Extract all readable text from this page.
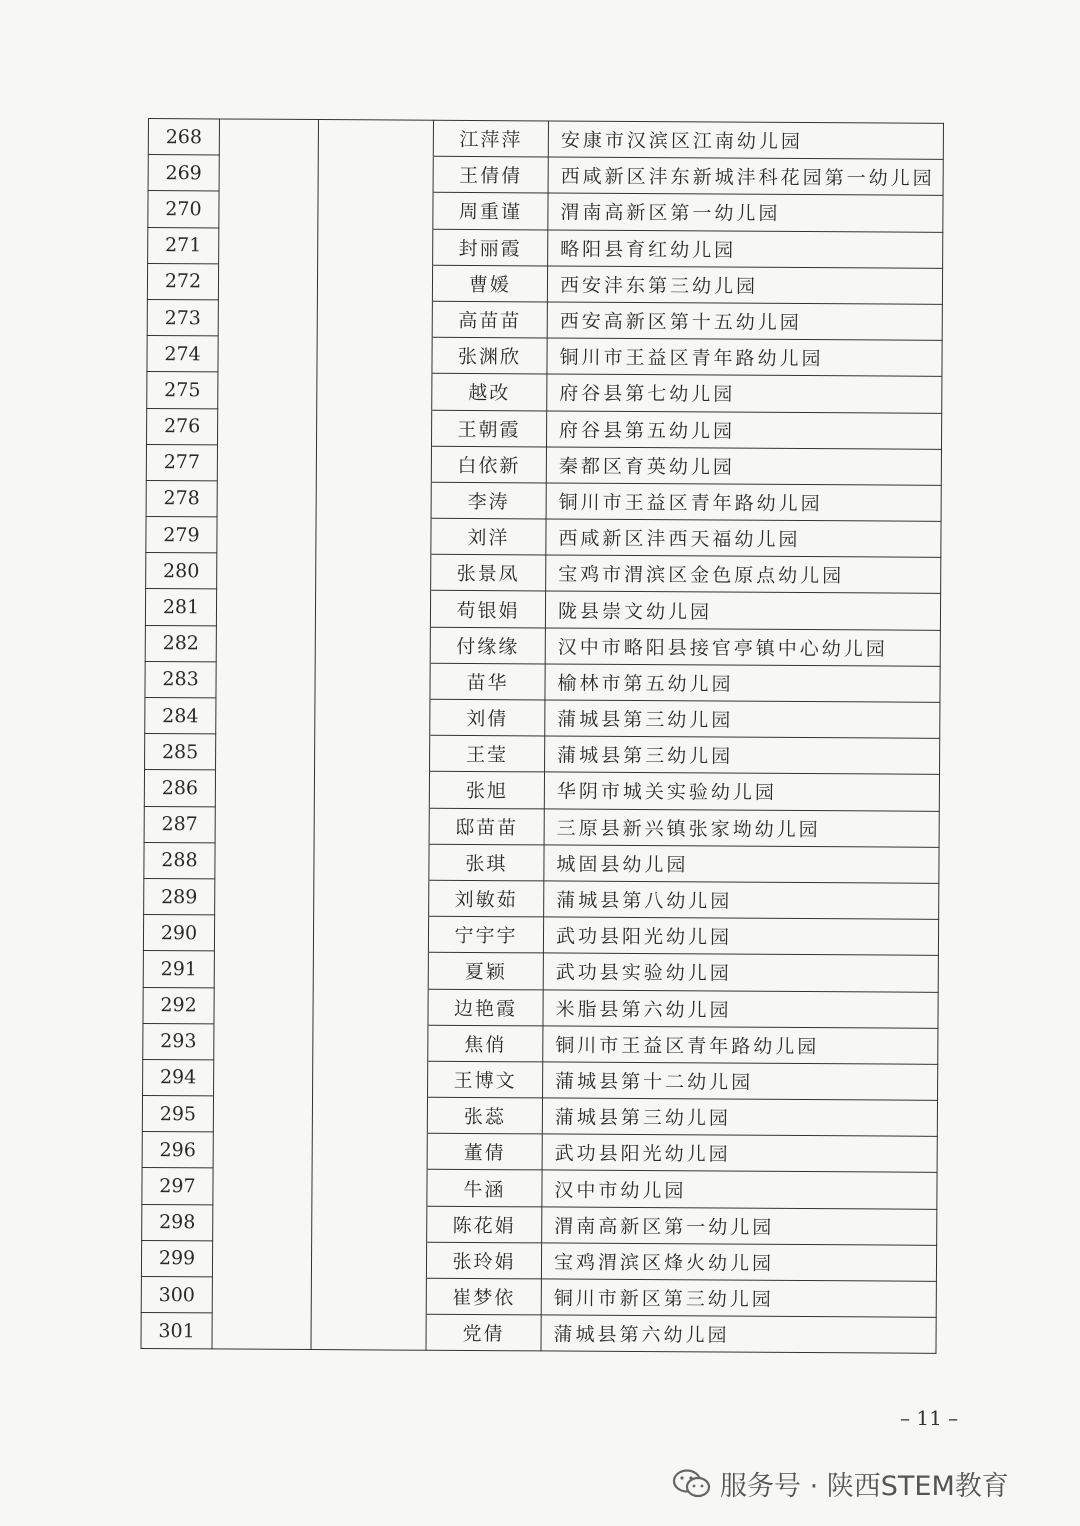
268			江萍萍	安康市汉滨区江南幼儿园
269			王倩倩	西咸新区沣东新城沣科花园第一幼儿园
270			周重谨	渭南高新区第一幼儿园
271			封丽霞	略阳县育红幼儿园
272			曹媛	西安沣东第三幼儿园
273			高苗苗	西安高新区第十五幼儿园
274			张渊欣	铜川市王益区青年路幼儿园
275			越改	府谷县第七幼儿园
276			王朝霞	府谷县第五幼儿园
277			白依新	秦都区育英幼儿园
278			李涛	铜川市王益区青年路幼儿园
279			刘洋	西咸新区沣西天福幼儿园
280			张景凤	宝鸡市渭滨区金色原点幼儿园
281			苟银娟	陇县崇文幼儿园
282			付缘缘	汉中市略阳县接官亭镇中心幼儿园
283			苗华	榆林市第五幼儿园
284			刘倩	蒲城县第三幼儿园
285			王莹	蒲城县第三幼儿园
286			张旭	华阴市城关实验幼儿园
287			邸苗苗	三原县新兴镇张家坳幼儿园
288			张琪	城固县幼儿园
289			刘敏茹	蒲城县第八幼儿园
290			宁宇宇	武功县阳光幼儿园
291			夏颖	武功县实验幼儿园
292			边艳霞	米脂县第六幼儿园
293			焦俏	铜川市王益区青年路幼儿园
294			王博文	蒲城县第十二幼儿园
295			张蕊	蒲城县第三幼儿园
296			董倩	武功县阳光幼儿园
297			牛涵	汉中市幼儿园
298			陈花娟	渭南高新区第一幼儿园
299			张玲娟	宝鸡渭滨区烽火幼儿园
300			崔梦依	铜川市新区第三幼儿园
301			党倩	蒲城县第六幼儿园
– 11 –
服务号 · 陕西STEM教育
